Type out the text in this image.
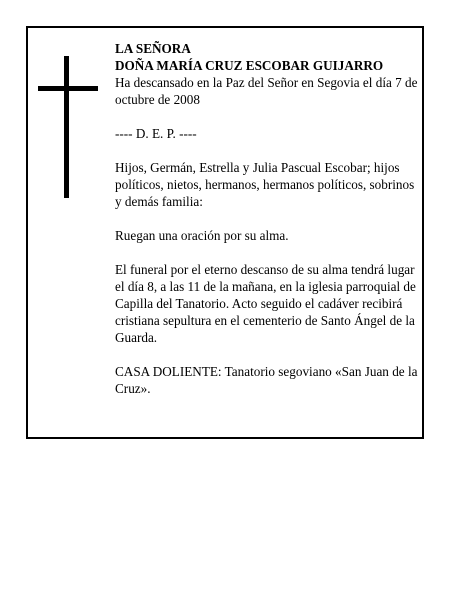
LA SEÑORA

DOÑA MARÍA CRUZ ESCOBAR GUIJARRO

Ha descansado en la Paz del Señor en Segovia el día 7 de octubre de 2008

---- D. E. P. ----

Hijos, Germán, Estrella y Julia Pascual Escobar; hijos políticos, nietos, hermanos, hermanos políticos, sobrinos y demás familia:

Ruegan una oración por su alma.

El funeral por el eterno descanso de su alma tendrá lugar el día 8, a las 11 de la mañana, en la iglesia parroquial de Capilla del Tanatorio. Acto seguido el cadáver recibirá cristiana sepultura en el cementerio de Santo Ángel de la Guarda.

CASA DOLIENTE: Tanatorio segoviano «San Juan de la Cruz».
